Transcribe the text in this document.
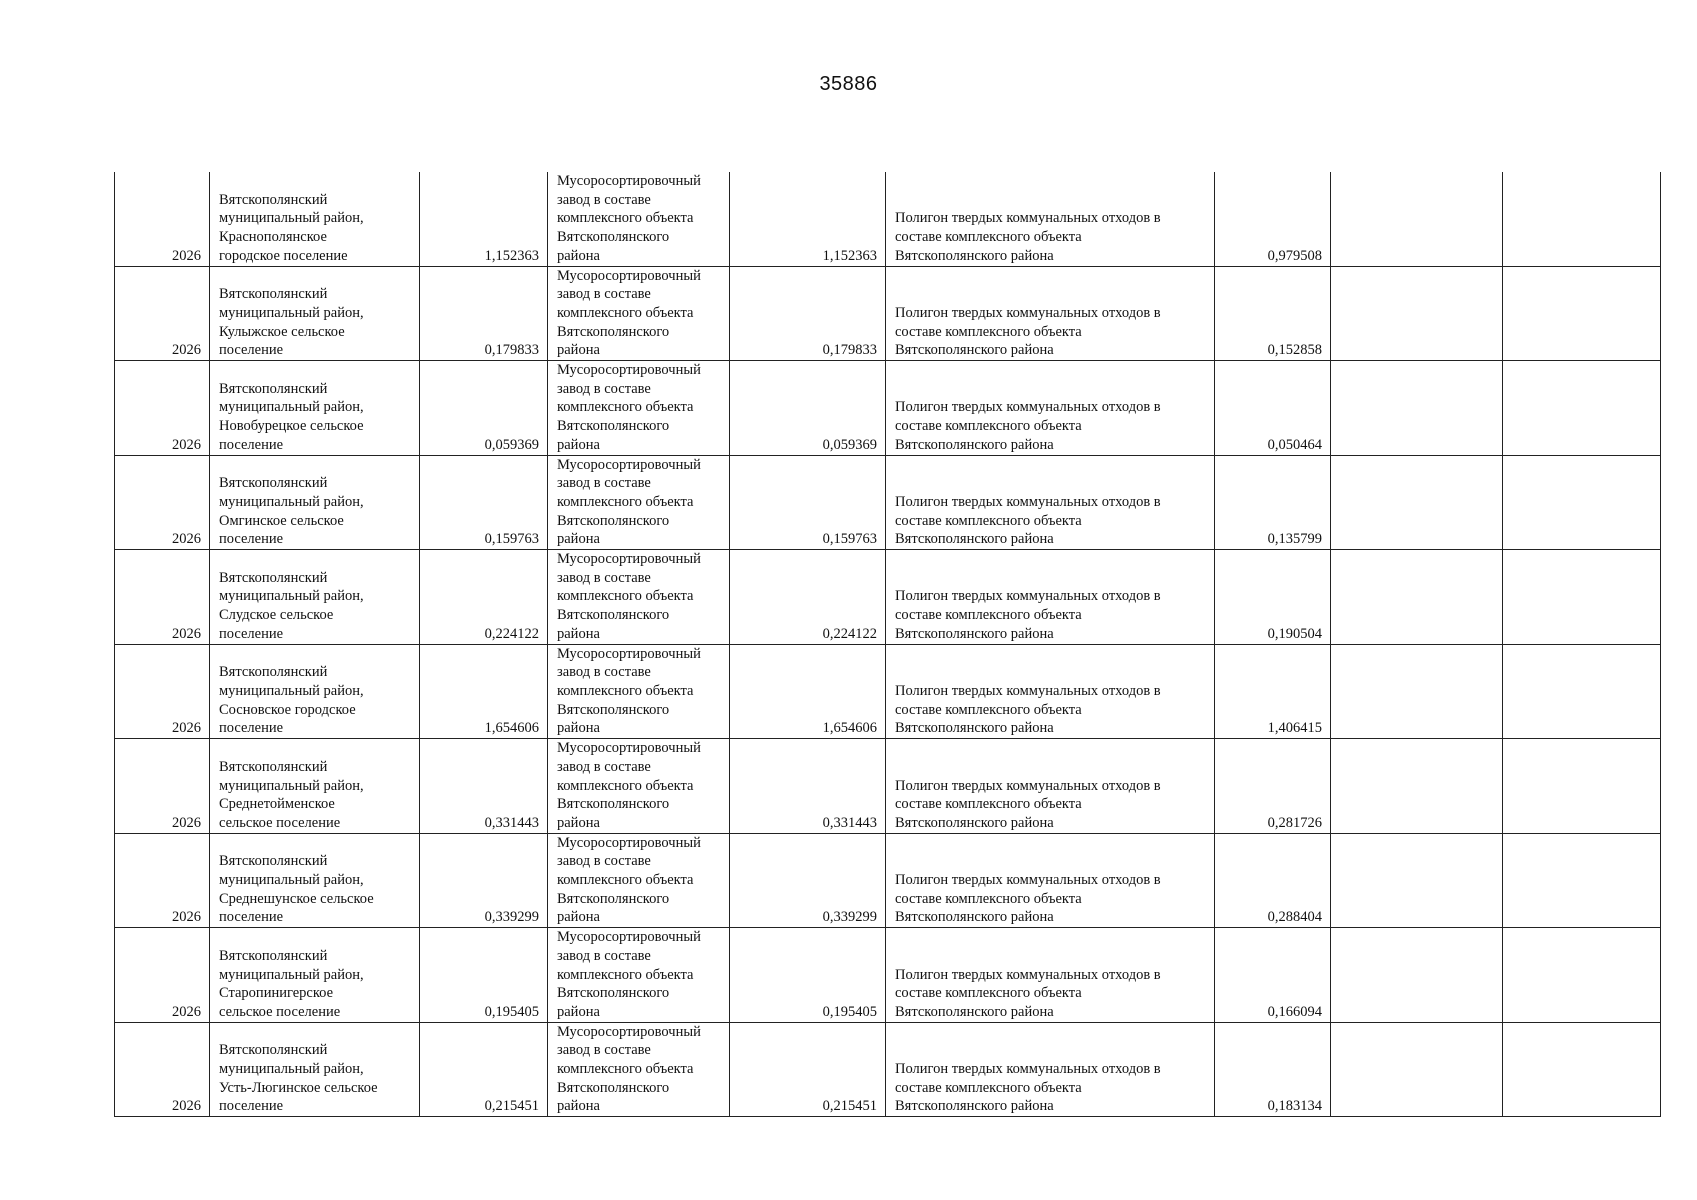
35886
2026	Вятскополянский
муниципальный район,
Краснополянское
городское поселение	1,152363	Мусоросортировочный
завод в составе
комплексного объекта
Вятскополянского
района	1,152363	Полигон твердых коммунальных отходов в
составе комплексного объекта
Вятскополянского района	0,979508		
2026	Вятскополянский
муниципальный район,
Кулыжское сельское
поселение	0,179833	Мусоросортировочный
завод в составе
комплексного объекта
Вятскополянского
района	0,179833	Полигон твердых коммунальных отходов в
составе комплексного объекта
Вятскополянского района	0,152858		
2026	Вятскополянский
муниципальный район,
Новобурецкое сельское
поселение	0,059369	Мусоросортировочный
завод в составе
комплексного объекта
Вятскополянского
района	0,059369	Полигон твердых коммунальных отходов в
составе комплексного объекта
Вятскополянского района	0,050464		
2026	Вятскополянский
муниципальный район,
Омгинское сельское
поселение	0,159763	Мусоросортировочный
завод в составе
комплексного объекта
Вятскополянского
района	0,159763	Полигон твердых коммунальных отходов в
составе комплексного объекта
Вятскополянского района	0,135799		
2026	Вятскополянский
муниципальный район,
Слудское сельское
поселение	0,224122	Мусоросортировочный
завод в составе
комплексного объекта
Вятскополянского
района	0,224122	Полигон твердых коммунальных отходов в
составе комплексного объекта
Вятскополянского района	0,190504		
2026	Вятскополянский
муниципальный район,
Сосновское городское
поселение	1,654606	Мусоросортировочный
завод в составе
комплексного объекта
Вятскополянского
района	1,654606	Полигон твердых коммунальных отходов в
составе комплексного объекта
Вятскополянского района	1,406415		
2026	Вятскополянский
муниципальный район,
Среднетойменское
сельское поселение	0,331443	Мусоросортировочный
завод в составе
комплексного объекта
Вятскополянского
района	0,331443	Полигон твердых коммунальных отходов в
составе комплексного объекта
Вятскополянского района	0,281726		
2026	Вятскополянский
муниципальный район,
Среднешунское сельское
поселение	0,339299	Мусоросортировочный
завод в составе
комплексного объекта
Вятскополянского
района	0,339299	Полигон твердых коммунальных отходов в
составе комплексного объекта
Вятскополянского района	0,288404		
2026	Вятскополянский
муниципальный район,
Старопинигерское
сельское поселение	0,195405	Мусоросортировочный
завод в составе
комплексного объекта
Вятскополянского
района	0,195405	Полигон твердых коммунальных отходов в
составе комплексного объекта
Вятскополянского района	0,166094		
2026	Вятскополянский
муниципальный район,
Усть-Люгинское сельское
поселение	0,215451	Мусоросортировочный
завод в составе
комплексного объекта
Вятскополянского
района	0,215451	Полигон твердых коммунальных отходов в
составе комплексного объекта
Вятскополянского района	0,183134		
